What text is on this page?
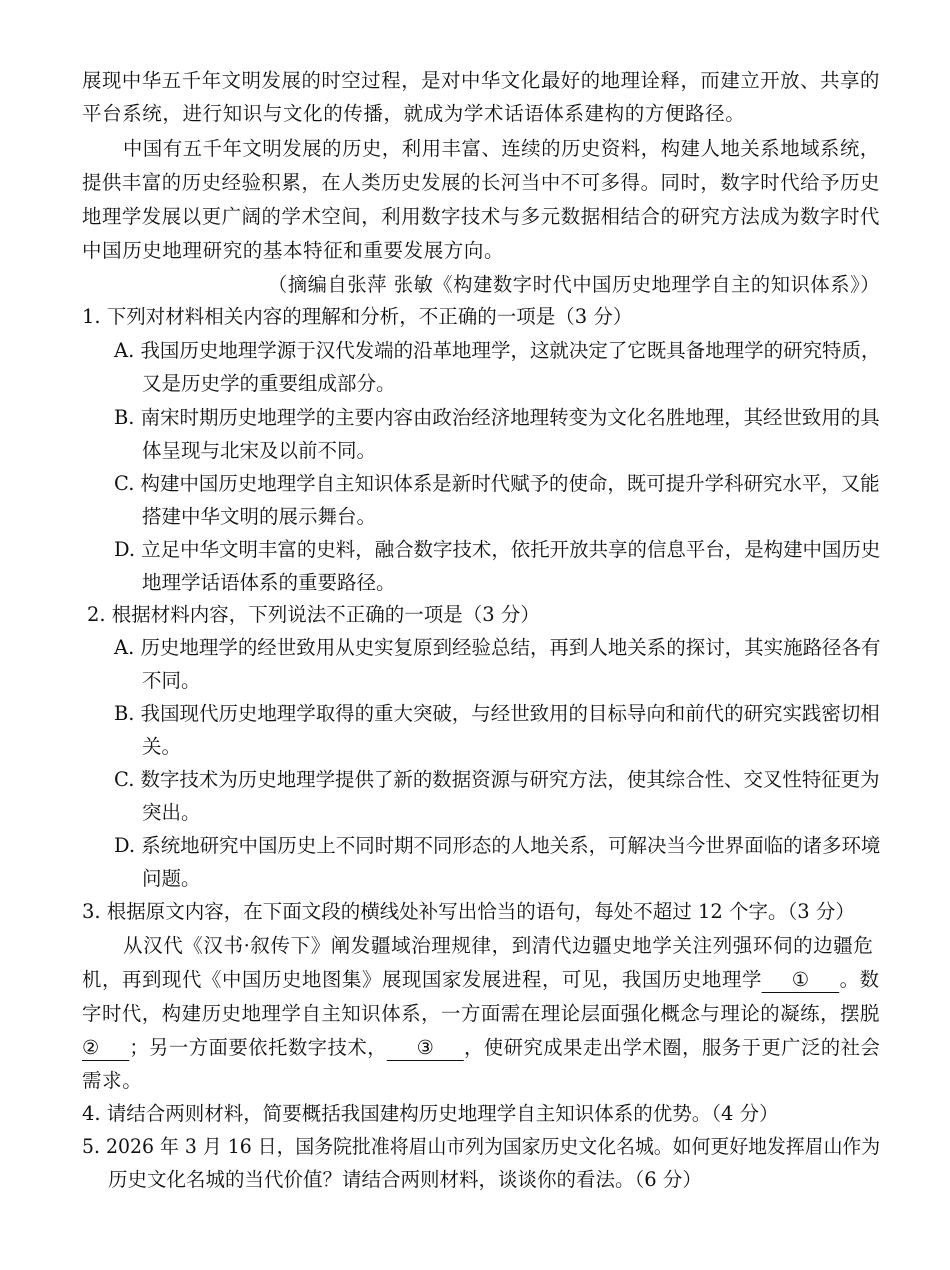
展现中华五千年文明发展的时空过程，是对中华文化最好的地理诠释，而建立开放、共享的
平台系统，进行知识与文化的传播，就成为学术话语体系建构的方便路径。
中国有五千年文明发展的历史，利用丰富、连续的历史资料，构建人地关系地域系统，
提供丰富的历史经验积累，在人类历史发展的长河当中不可多得。同时，数字时代给予历史
地理学发展以更广阔的学术空间，利用数字技术与多元数据相结合的研究方法成为数字时代
中国历史地理研究的基本特征和重要发展方向。
（摘编自张萍 张敏《构建数字时代中国历史地理学自主的知识体系》）
1. 下列对材料相关内容的理解和分析，不正确的一项是（3 分）
A. 我国历史地理学源于汉代发端的沿革地理学，这就决定了它既具备地理学的研究特质，
又是历史学的重要组成部分。
B. 南宋时期历史地理学的主要内容由政治经济地理转变为文化名胜地理，其经世致用的具
体呈现与北宋及以前不同。
C. 构建中国历史地理学自主知识体系是新时代赋予的使命，既可提升学科研究水平，又能
搭建中华文明的展示舞台。
D. 立足中华文明丰富的史料，融合数字技术，依托开放共享的信息平台，是构建中国历史
地理学话语体系的重要路径。
2. 根据材料内容，下列说法不正确的一项是（3 分）
A. 历史地理学的经世致用从史实复原到经验总结，再到人地关系的探讨，其实施路径各有
不同。
B. 我国现代历史地理学取得的重大突破，与经世致用的目标导向和前代的研究实践密切相
关。
C. 数字技术为历史地理学提供了新的数据资源与研究方法，使其综合性、交叉性特征更为
突出。
D. 系统地研究中国历史上不同时期不同形态的人地关系，可解决当今世界面临的诸多环境
问题。
3. 根据原文内容，在下面文段的横线处补写出恰当的语句，每处不超过 12 个字。（3 分）
从汉代《汉书·叙传下》阐发疆域治理规律，到清代边疆史地学关注列强环伺的边疆危
机，再到现代《中国历史地图集》展现国家发展进程，可见，我国历史地理学 ① 。数
字时代，构建历史地理学自主知识体系，一方面需在理论层面强化概念与理论的凝练，摆脱
② ；另一方面要依托数字技术， ③ ，使研究成果走出学术圈，服务于更广泛的社会
需求。
4. 请结合两则材料，简要概括我国建构历史地理学自主知识体系的优势。（4 分）
5. 2026 年 3 月 16 日，国务院批准将眉山市列为国家历史文化名城。如何更好地发挥眉山作为
历史文化名城的当代价值？请结合两则材料，谈谈你的看法。（6 分）
